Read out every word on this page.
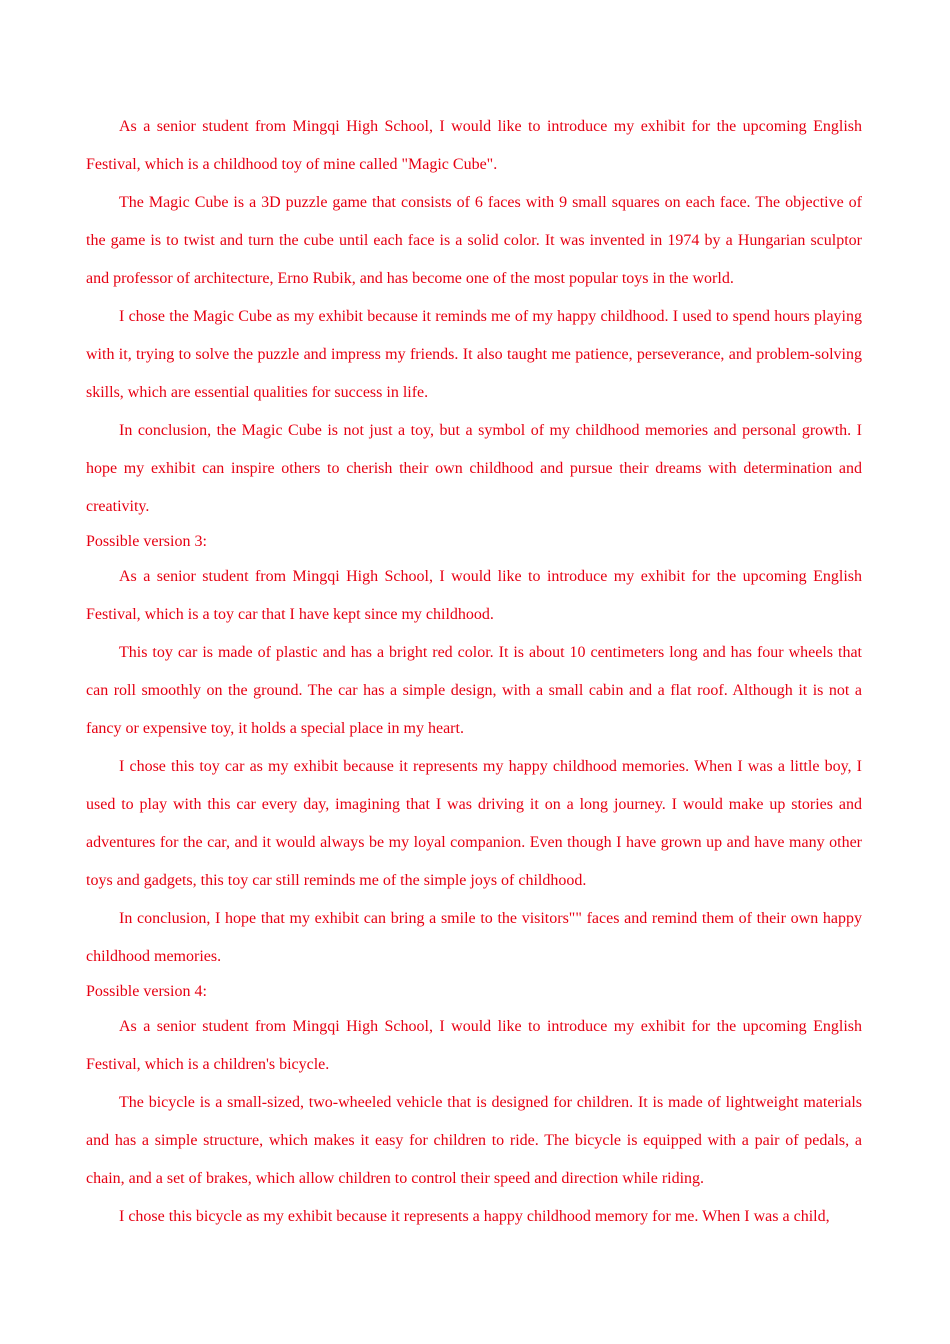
As a senior student from Mingqi High School, I would like to introduce my exhibit for the upcoming English Festival, which is a childhood toy of mine called "Magic Cube".

The Magic Cube is a 3D puzzle game that consists of 6 faces with 9 small squares on each face. The objective of the game is to twist and turn the cube until each face is a solid color. It was invented in 1974 by a Hungarian sculptor and professor of architecture, Erno Rubik, and has become one of the most popular toys in the world.

I chose the Magic Cube as my exhibit because it reminds me of my happy childhood. I used to spend hours playing with it, trying to solve the puzzle and impress my friends. It also taught me patience, perseverance, and problem-solving skills, which are essential qualities for success in life.

In conclusion, the Magic Cube is not just a toy, but a symbol of my childhood memories and personal growth. I hope my exhibit can inspire others to cherish their own childhood and pursue their dreams with determination and creativity.

Possible version 3:

As a senior student from Mingqi High School, I would like to introduce my exhibit for the upcoming English Festival, which is a toy car that I have kept since my childhood.

This toy car is made of plastic and has a bright red color. It is about 10 centimeters long and has four wheels that can roll smoothly on the ground. The car has a simple design, with a small cabin and a flat roof. Although it is not a fancy or expensive toy, it holds a special place in my heart.

I chose this toy car as my exhibit because it represents my happy childhood memories. When I was a little boy, I used to play with this car every day, imagining that I was driving it on a long journey. I would make up stories and adventures for the car, and it would always be my loyal companion. Even though I have grown up and have many other toys and gadgets, this toy car still reminds me of the simple joys of childhood.

In conclusion, I hope that my exhibit can bring a smile to the visitors"" faces and remind them of their own happy childhood memories.

Possible version 4:

As a senior student from Mingqi High School, I would like to introduce my exhibit for the upcoming English Festival, which is a children's bicycle.

The bicycle is a small-sized, two-wheeled vehicle that is designed for children. It is made of lightweight materials and has a simple structure, which makes it easy for children to ride. The bicycle is equipped with a pair of pedals, a chain, and a set of brakes, which allow children to control their speed and direction while riding.

I chose this bicycle as my exhibit because it represents a happy childhood memory for me. When I was a child,
